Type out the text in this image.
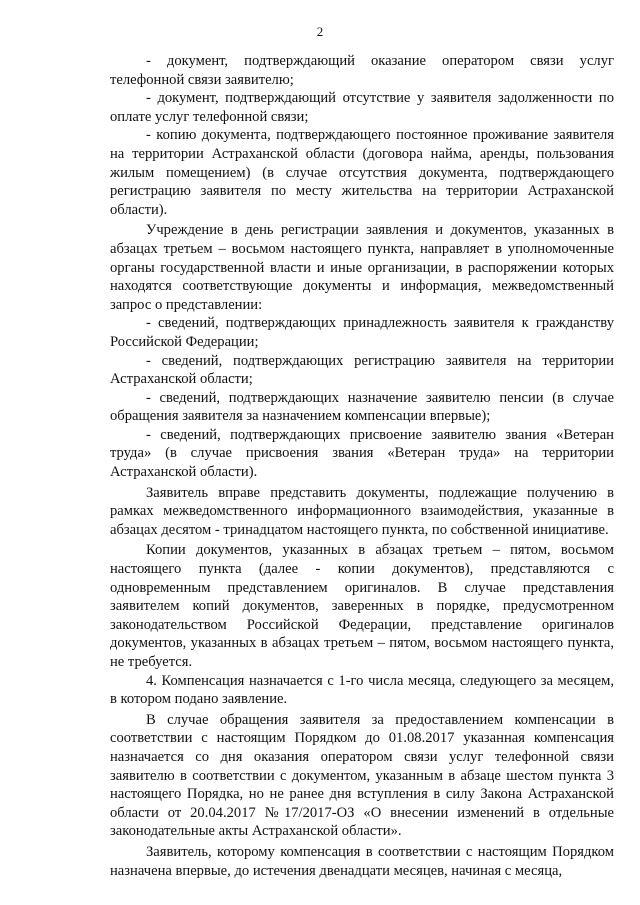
2

- документ, подтверждающий оказание оператором связи услуг телефонной связи заявителю;

- документ, подтверждающий отсутствие у заявителя задолженности по оплате услуг телефонной связи;

- копию документа, подтверждающего постоянное проживание заявителя на территории Астраханской области (договора найма, аренды, пользования жилым помещением) (в случае отсутствия документа, подтверждающего регистрацию заявителя по месту жительства на территории Астраханской области).

Учреждение в день регистрации заявления и документов, указанных в абзацах третьем – восьмом настоящего пункта, направляет в уполномоченные органы государственной власти и иные организации, в распоряжении которых находятся соответствующие документы и информация, межведомственный запрос о представлении:

- сведений, подтверждающих принадлежность заявителя к гражданству Российской Федерации;

- сведений, подтверждающих регистрацию заявителя на территории Астраханской области;

- сведений, подтверждающих назначение заявителю пенсии (в случае обращения заявителя за назначением компенсации впервые);

- сведений, подтверждающих присвоение заявителю звания «Ветеран труда» (в случае присвоения звания «Ветеран труда» на территории Астраханской области).

Заявитель вправе представить документы, подлежащие получению в рамках межведомственного информационного взаимодействия, указанные в абзацах десятом - тринадцатом настоящего пункта, по собственной инициативе.

Копии документов, указанных в абзацах третьем – пятом, восьмом настоящего пункта (далее - копии документов), представляются с одновременным представлением оригиналов. В случае представления заявителем копий документов, заверенных в порядке, предусмотренном законодательством Российской Федерации, представление оригиналов документов, указанных в абзацах третьем – пятом, восьмом настоящего пункта, не требуется.

4. Компенсация назначается с 1-го числа месяца, следующего за месяцем, в котором подано заявление.

В случае обращения заявителя за предоставлением компенсации в соответствии с настоящим Порядком до 01.08.2017 указанная компенсация назначается со дня оказания оператором связи услуг телефонной связи заявителю в соответствии с документом, указанным в абзаце шестом пункта 3 настоящего Порядка, но не ранее дня вступления в силу Закона Астраханской области от 20.04.2017 №17/2017-ОЗ «О внесении изменений в отдельные законодательные акты Астраханской области».

Заявитель, которому компенсация в соответствии с настоящим Порядком назначена впервые, до истечения двенадцати месяцев, начиная с месяца,
